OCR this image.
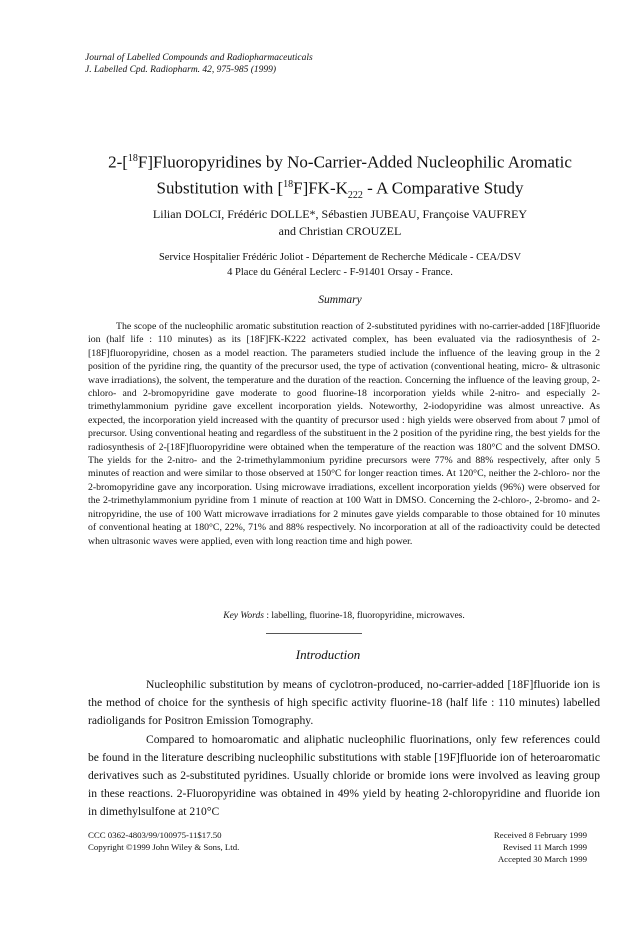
Journal of Labelled Compounds and Radiopharmaceuticals
J. Labelled Cpd. Radiopharm. 42, 975-985 (1999)
2-[$^{18}$F]Fluoropyridines by No-Carrier-Added Nucleophilic Aromatic
Substitution with $[^{18}F]FK-K_{222}$ - A Comparative Study
Lilian DOLCI, Frédéric DOLLE*, Sébastien JUBEAU, Françoise VAUFREY
and Christian CROUZEL
Service Hospitalier Frédéric Joliot - Département de Recherche Médicale - CEA/DSV
4 Place du Général Leclerc - F-91401 Orsay - France.
Summary

The scope of the nucleophilic aromatic substitution reaction of 2-substituted pyridines with no-carrier-added [18F]fluoride ion (half life : 110 minutes) as its [18F]FK-K222 activated complex, has been evaluated via the radiosynthesis of 2-[18F]fluoropyridine, chosen as a model reaction. The parameters studied include the influence of the leaving group in the 2 position of the pyridine ring, the quantity of the precursor used, the type of activation (conventional heating, micro- & ultrasonic wave irradiations), the solvent, the temperature and the duration of the reaction. Concerning the influence of the leaving group, 2-chloro- and 2-bromopyridine gave moderate to good fluorine-18 incorporation yields while 2-nitro- and especially 2-trimethylammonium pyridine gave excellent incorporation yields. Noteworthy, 2-iodopyridine was almost unreactive. As expected, the incorporation yield increased with the quantity of precursor used : high yields were observed from about 7 µmol of precursor. Using conventional heating and regardless of the substituent in the 2 position of the pyridine ring, the best yields for the radiosynthesis of 2-[18F]fluoropyridine were obtained when the temperature of the reaction was 180°C and the solvent DMSO. The yields for the 2-nitro- and the 2-trimethylammonium pyridine precursors were 77% and 88% respectively, after only 5 minutes of reaction and were similar to those observed at 150°C for longer reaction times. At 120°C, neither the 2-chloro- nor the 2-bromopyridine gave any incorporation. Using microwave irradiations, excellent incorporation yields (96%) were observed for the 2-trimethylammonium pyridine from 1 minute of reaction at 100 Watt in DMSO. Concerning the 2-chloro-, 2-bromo- and 2-nitropyridine, the use of 100 Watt microwave irradiations for 2 minutes gave yields comparable to those obtained for 10 minutes of conventional heating at 180°C, 22%, 71% and 88% respectively. No incorporation at all of the radioactivity could be detected when ultrasonic waves were applied, even with long reaction time and high power.

Key Words : labelling, fluorine-18, fluoropyridine, microwaves.
Introduction

Nucleophilic substitution by means of cyclotron-produced, no-carrier-added [18F]fluoride ion is the method of choice for the synthesis of high specific activity fluorine-18 (half life : 110 minutes) labelled radioligands for Positron Emission Tomography.

Compared to homoaromatic and aliphatic nucleophilic fluorinations, only few references could be found in the literature describing nucleophilic substitutions with stable [19F]fluoride ion of heteroaromatic derivatives such as 2-substituted pyridines. Usually chloride or bromide ions were involved as leaving group in these reactions. 2-Fluoropyridine was obtained in 49% yield by heating 2-chloropyridine and fluoride ion in dimethylsulfone at 210°C

CCC 0362-4803/99/100975-11$17.50
Copyright ©1999 John Wiley & Sons, Ltd.
Received 8 February 1999
Revised 11 March 1999
Accepted 30 March 1999
